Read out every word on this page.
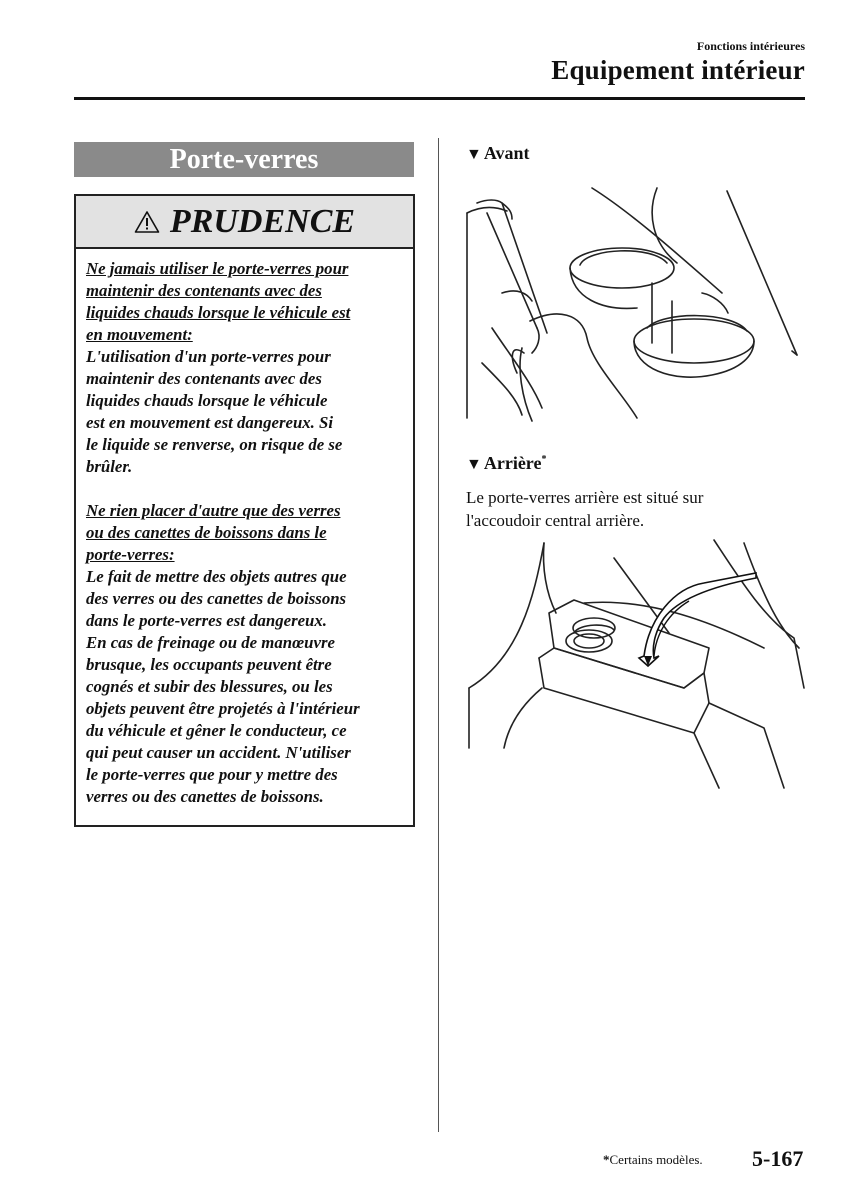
Fonctions intérieures
Equipement intérieur
Porte-verres
PRUDENCE

Ne jamais utiliser le porte-verres pour

maintenir des contenants avec des

liquides chauds lorsque le véhicule est

en mouvement:

L'utilisation d'un porte-verres pour

maintenir des contenants avec des

liquides chauds lorsque le véhicule

est en mouvement est dangereux. Si

le liquide se renverse, on risque de se

brûler.

Ne rien placer d'autre que des verres

ou des canettes de boissons dans le

porte-verres:

Le fait de mettre des objets autres que

des verres ou des canettes de boissons

dans le porte-verres est dangereux.

En cas de freinage ou de manœuvre

brusque, les occupants peuvent être

cognés et subir des blessures, ou les

objets peuvent être projetés à l'intérieur

du véhicule et gêner le conducteur, ce

qui peut causer un accident. N'utiliser

le porte-verres que pour y mettre des

verres ou des canettes de boissons.

▼ Avant
▼ Arrière*

Le porte-verres arrière est situé sur

l'accoudoir central arrière.

*Certains modèles. 5-167
